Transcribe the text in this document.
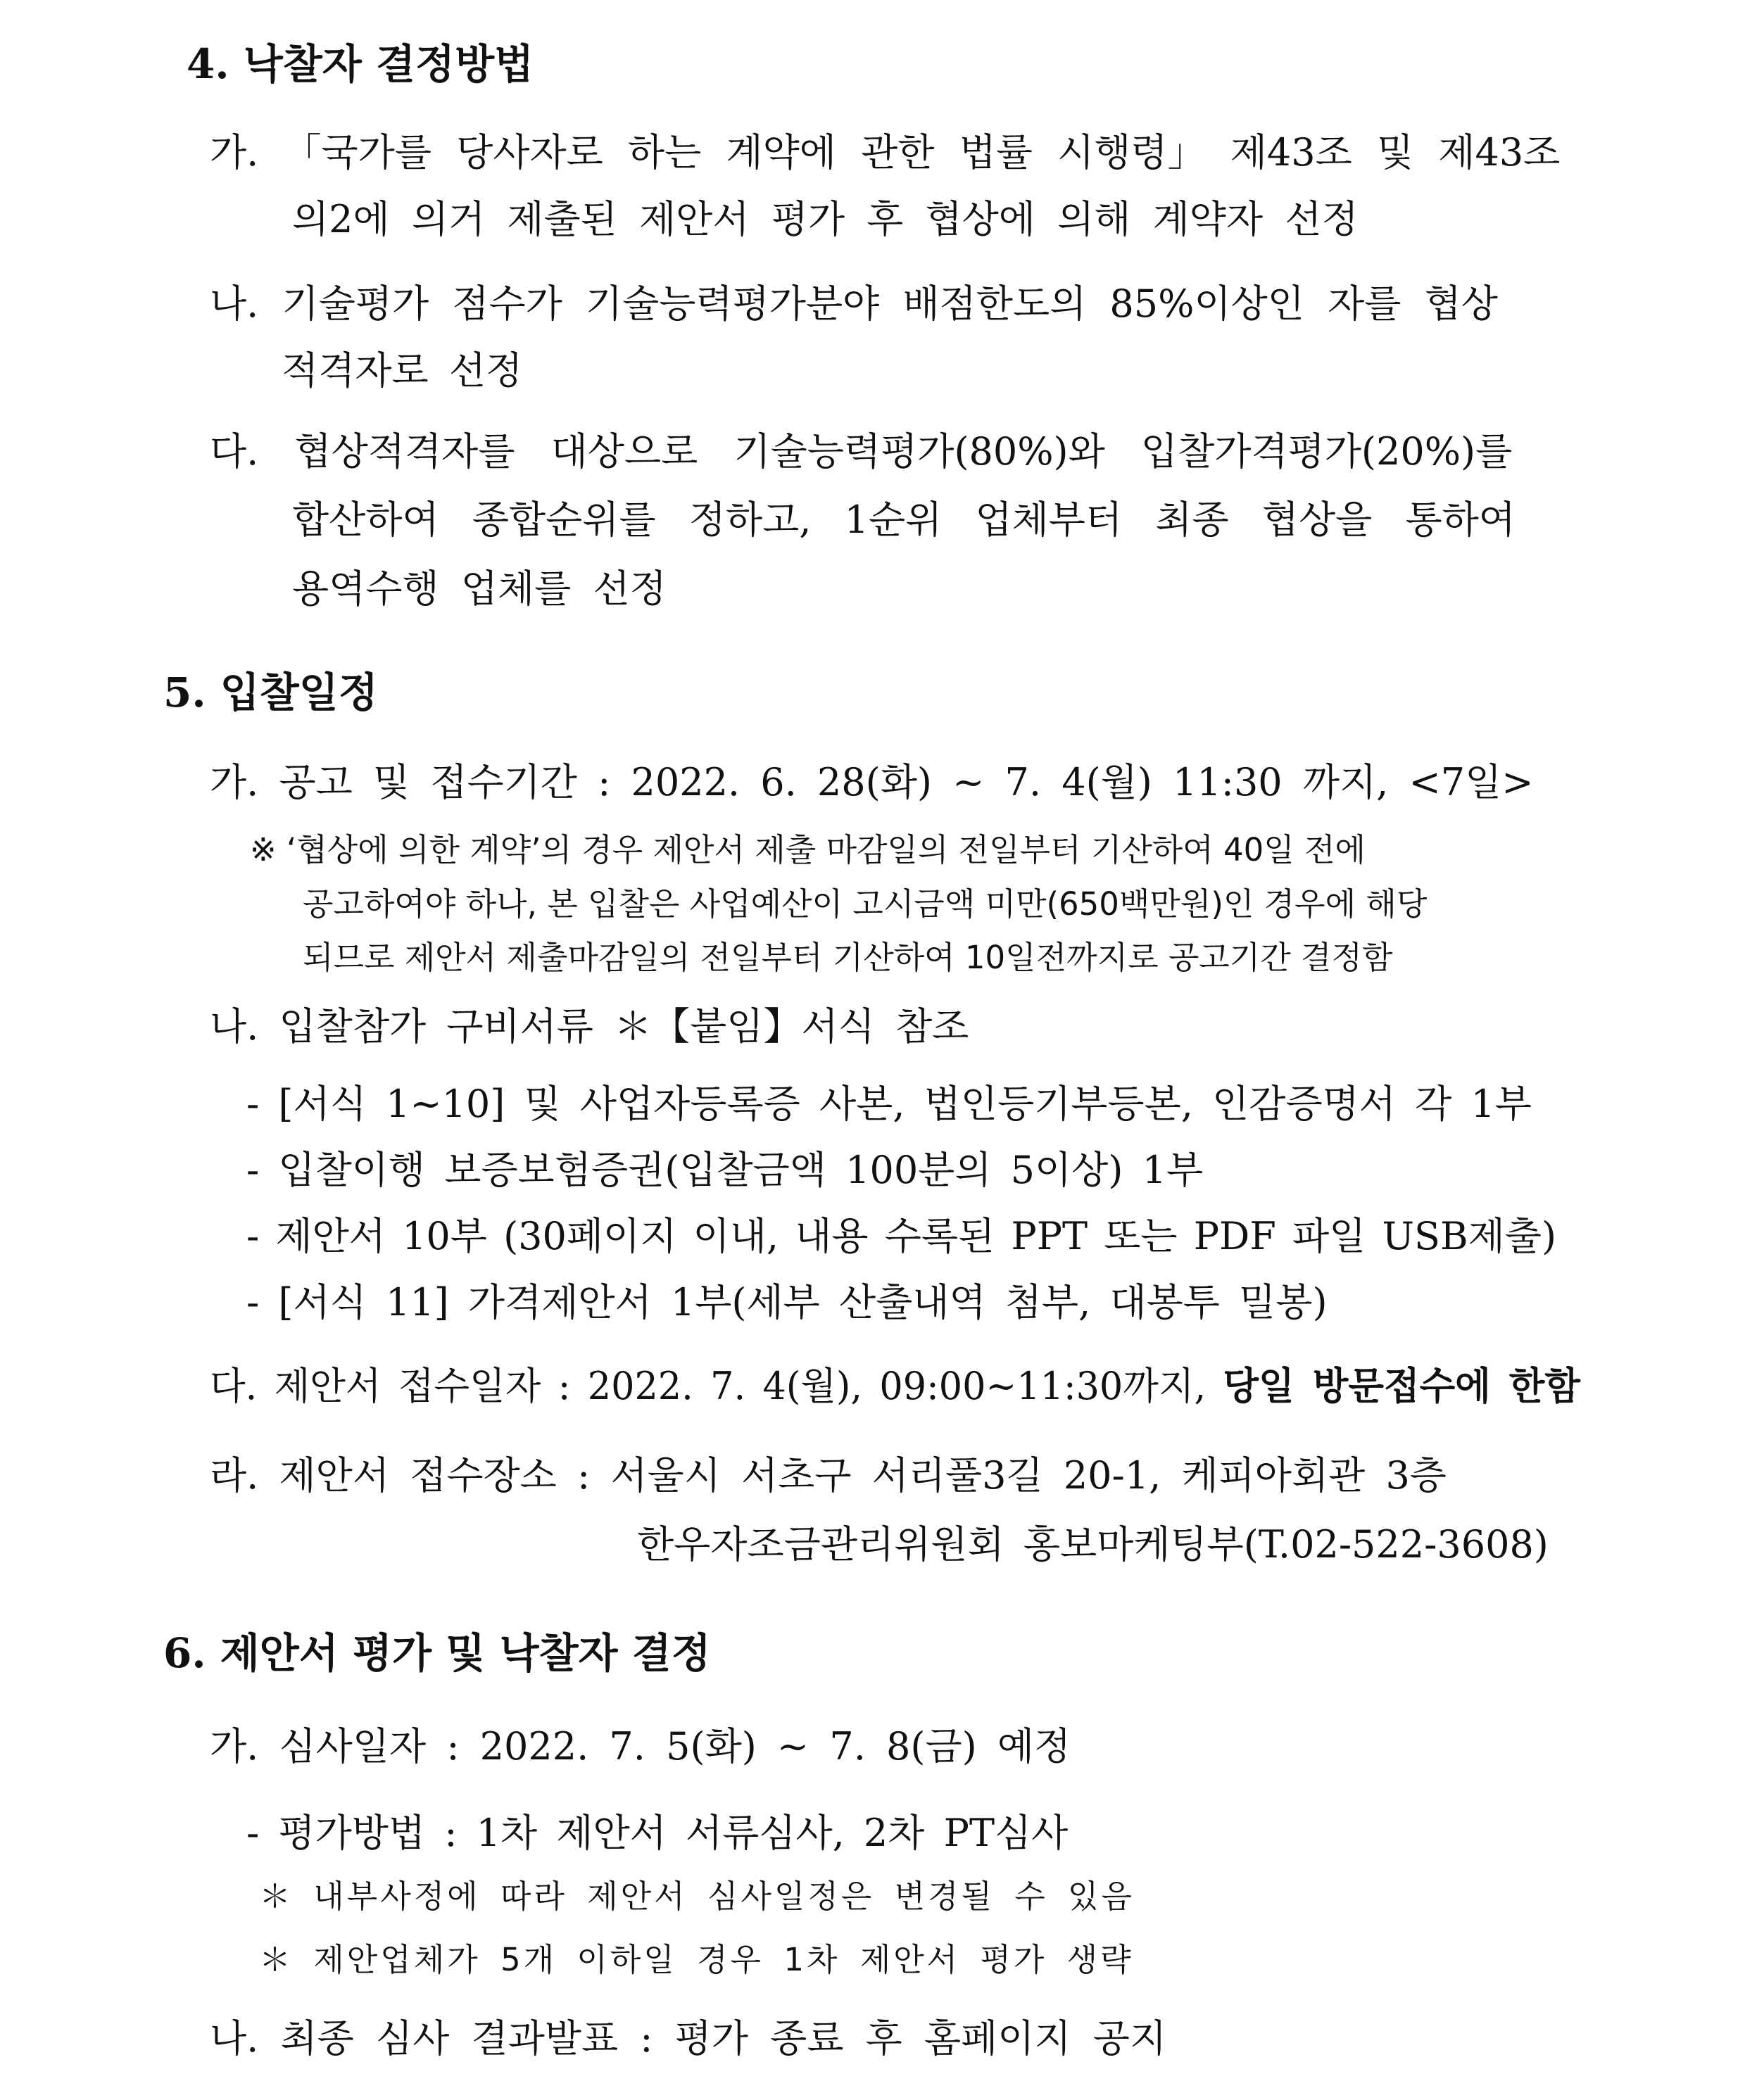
4. 낙찰자 결정방법
가. 「국가를 당사자로 하는 계약에 관한 법률 시행령」 제43조 및 제43조
의2에 의거 제출된 제안서 평가 후 협상에 의해 계약자 선정
나. 기술평가 점수가 기술능력평가분야 배점한도의 85%이상인 자를 협상
적격자로 선정
다. 협상적격자를 대상으로 기술능력평가(80%)와 입찰가격평가(20%)를
합산하여 종합순위를 정하고, 1순위 업체부터 최종 협상을 통하여
용역수행 업체를 선정
5. 입찰일정
가. 공고 및 접수기간 : 2022. 6. 28(화) ~ 7. 4(월) 11:30 까지, <7일>
※ ‘협상에 의한 계약’의 경우 제안서 제출 마감일의 전일부터 기산하여 40일 전에
공고하여야 하나, 본 입찰은 사업예산이 고시금액 미만(650백만원)인 경우에 해당
되므로 제안서 제출마감일의 전일부터 기산하여 10일전까지로 공고기간 결정함
나. 입찰참가 구비서류 ＊【붙임】서식 참조
- [서식 1~10] 및 사업자등록증 사본, 법인등기부등본, 인감증명서 각 1부
- 입찰이행 보증보험증권(입찰금액 100분의 5이상) 1부
- 제안서 10부 (30페이지 이내, 내용 수록된 PPT 또는 PDF 파일 USB제출)
- [서식 11] 가격제안서 1부(세부 산출내역 첨부, 대봉투 밀봉)
다. 제안서 접수일자 : 2022. 7. 4(월), 09:00~11:30까지, 당일 방문접수에 한함
라. 제안서 접수장소 : 서울시 서초구 서리풀3길 20-1, 케피아회관 3층
한우자조금관리위원회 홍보마케팅부(T.02-522-3608)
6. 제안서 평가 및 낙찰자 결정
가. 심사일자 : 2022. 7. 5(화) ~ 7. 8(금) 예정
- 평가방법 : 1차 제안서 서류심사, 2차 PT심사
＊ 내부사정에 따라 제안서 심사일정은 변경될 수 있음
＊ 제안업체가 5개 이하일 경우 1차 제안서 평가 생략
나. 최종 심사 결과발표 : 평가 종료 후 홈페이지 공지
